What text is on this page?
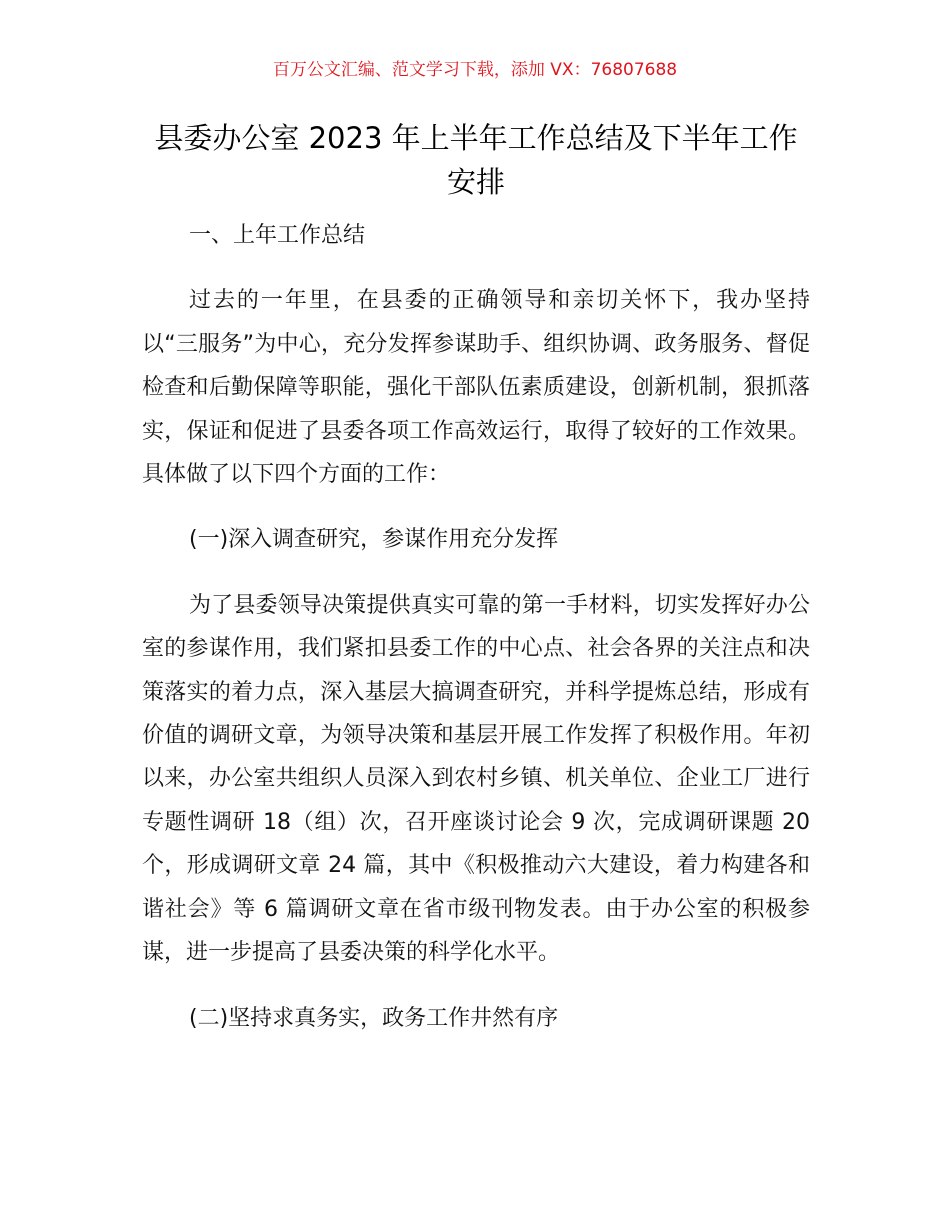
百万公文汇编、范文学习下载，添加 VX：76807688
县委办公室 2023 年上半年工作总结及下半年工作安排

一、上年工作总结

过去的一年里，在县委的正确领导和亲切关怀下，我办坚持以“三服务”为中心，充分发挥参谋助手、组织协调、政务服务、督促检查和后勤保障等职能，强化干部队伍素质建设，创新机制，狠抓落实，保证和促进了县委各项工作高效运行，取得了较好的工作效果。具体做了以下四个方面的工作：

(一)深入调查研究，参谋作用充分发挥

为了县委领导决策提供真实可靠的第一手材料，切实发挥好办公室的参谋作用，我们紧扣县委工作的中心点、社会各界的关注点和决策落实的着力点，深入基层大搞调查研究，并科学提炼总结，形成有价值的调研文章，为领导决策和基层开展工作发挥了积极作用。年初以来，办公室共组织人员深入到农村乡镇、机关单位、企业工厂进行专题性调研 18（组）次，召开座谈讨论会 9 次，完成调研课题 20 个，形成调研文章 24 篇，其中《积极推动六大建设，着力构建各和谐社会》等 6 篇调研文章在省市级刊物发表。由于办公室的积极参谋，进一步提高了县委决策的科学化水平。

(二)坚持求真务实，政务工作井然有序
